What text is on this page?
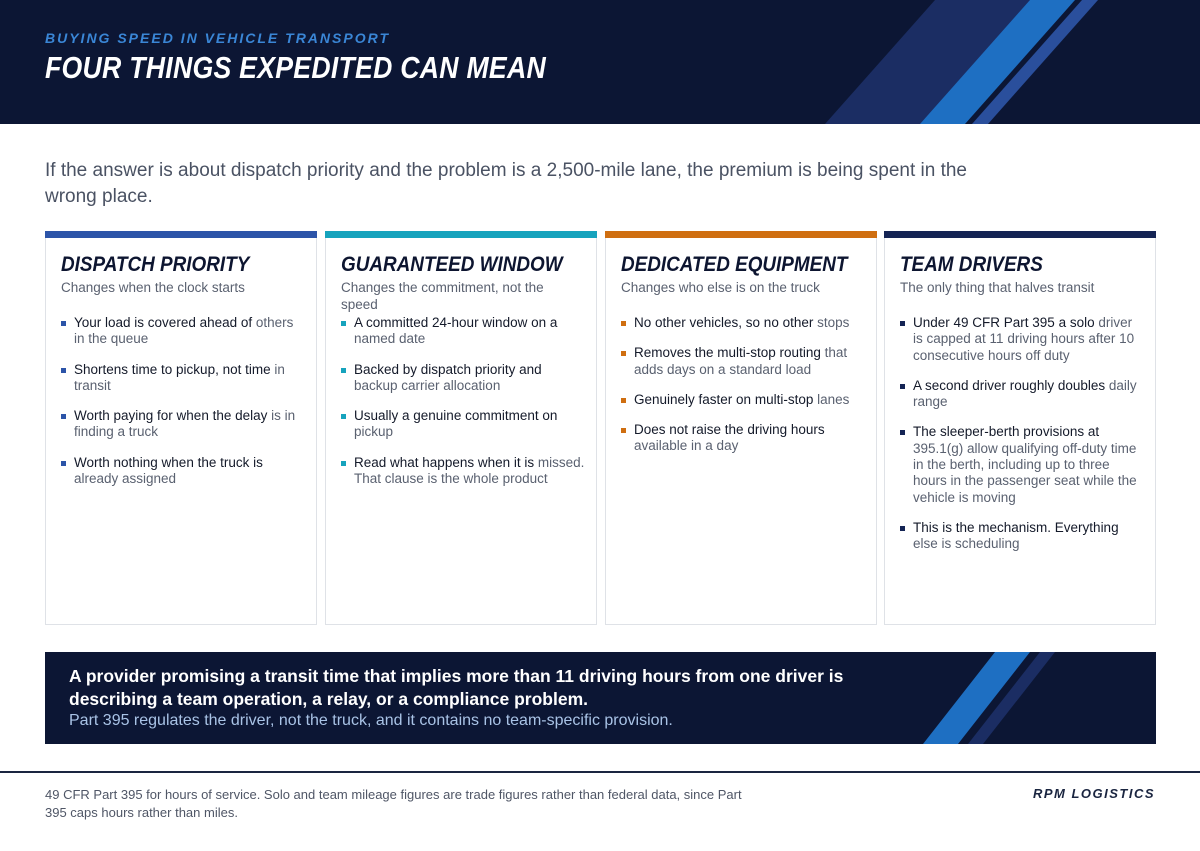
BUYING SPEED IN VEHICLE TRANSPORT
FOUR THINGS EXPEDITED CAN MEAN

If the answer is about dispatch priority and the problem is a 2,500-mile lane, the premium is being spent in the wrong place.

DISPATCH PRIORITY
Changes when the clock starts
Your load is covered ahead of others in the queue
Shortens time to pickup, not time in transit
Worth paying for when the delay is in finding a truck
Worth nothing when the truck is already assigned
GUARANTEED WINDOW
Changes the commitment, not the speed
A committed 24-hour window on a named date
Backed by dispatch priority and backup carrier allocation
Usually a genuine commitment on pickup
Read what happens when it is missed. That clause is the whole product
DEDICATED EQUIPMENT
Changes who else is on the truck
No other vehicles, so no other stops
Removes the multi-stop routing that adds days on a standard load
Genuinely faster on multi-stop lanes
Does not raise the driving hours available in a day
TEAM DRIVERS
The only thing that halves transit
Under 49 CFR Part 395 a solo driver is capped at 11 driving hours after 10 consecutive hours off duty
A second driver roughly doubles daily range
The sleeper-berth provisions at 395.1(g) allow qualifying off-duty time in the berth, including up to three hours in the passenger seat while the vehicle is moving
This is the mechanism. Everything else is scheduling
A provider promising a transit time that implies more than 11 driving hours from one driver is describing a team operation, a relay, or a compliance problem.
Part 395 regulates the driver, not the truck, and it contains no team-specific provision.

49 CFR Part 395 for hours of service. Solo and team mileage figures are trade figures rather than federal data, since Part 395 caps hours rather than miles.

RPM LOGISTICS
